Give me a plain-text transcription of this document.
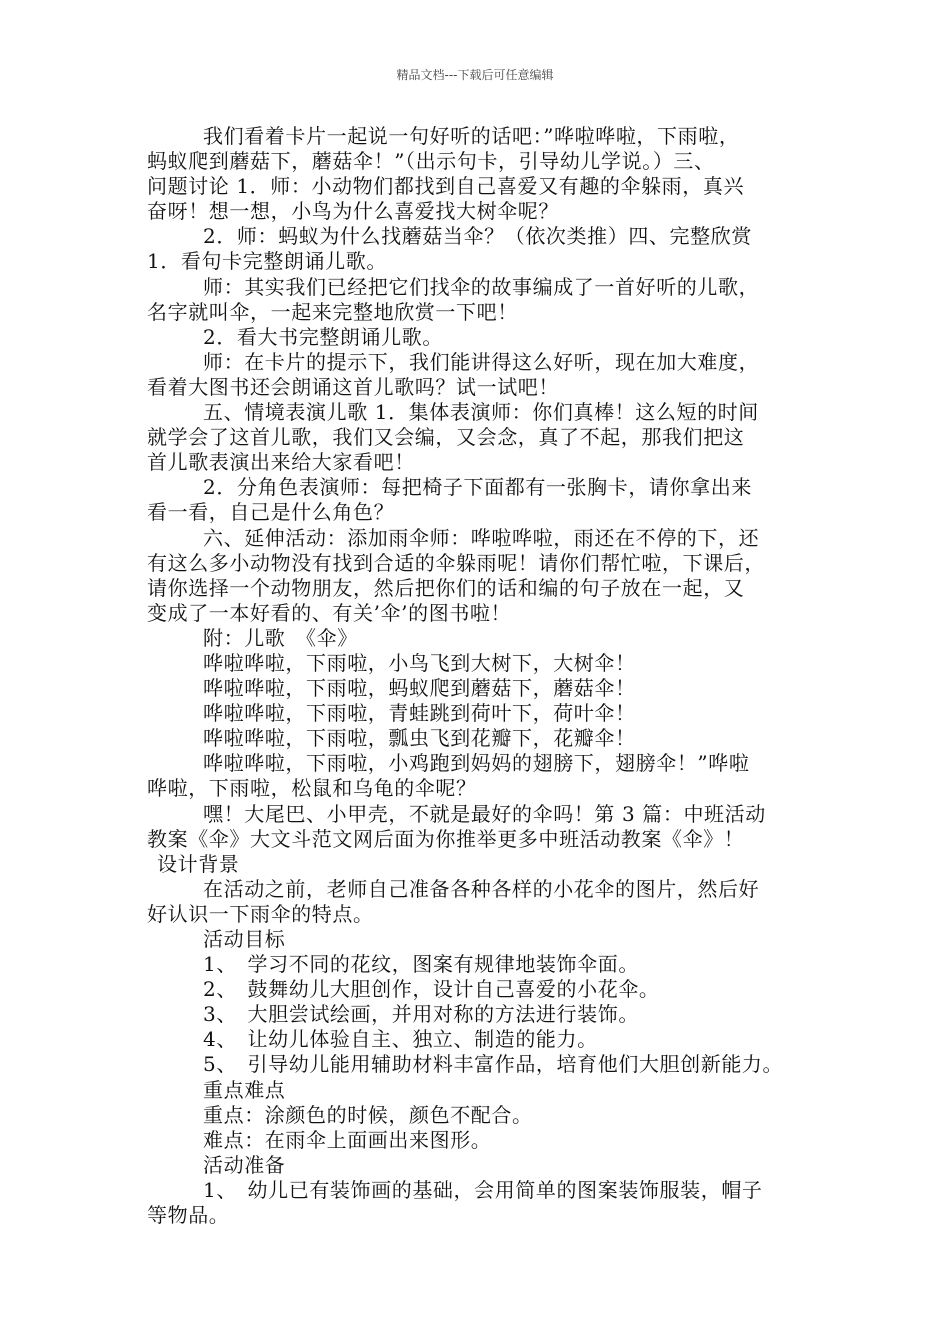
精品文档---下载后可任意编辑
我们看着卡片一起说一句好听的话吧：”哗啦哗啦，下雨啦，
蚂蚁爬到蘑菇下，蘑菇伞！”（出示句卡，引导幼儿学说。）三、
问题讨论 1．师：小动物们都找到自己喜爱又有趣的伞躲雨，真兴
奋呀！想一想，小鸟为什么喜爱找大树伞呢？
2．师：蚂蚁为什么找蘑菇当伞？（依次类推）四、完整欣赏
1．看句卡完整朗诵儿歌。
师：其实我们已经把它们找伞的故事编成了一首好听的儿歌，
名字就叫伞，一起来完整地欣赏一下吧！
2．看大书完整朗诵儿歌。
师：在卡片的提示下，我们能讲得这么好听，现在加大难度，
看着大图书还会朗诵这首儿歌吗？试一试吧！
五、情境表演儿歌 1．集体表演师：你们真棒！这么短的时间
就学会了这首儿歌，我们又会编，又会念，真了不起，那我们把这
首儿歌表演出来给大家看吧！
2．分角色表演师：每把椅子下面都有一张胸卡，请你拿出来
看一看，自己是什么角色？
六、延伸活动：添加雨伞师：哗啦哗啦，雨还在不停的下，还
有这么多小动物没有找到合适的伞躲雨呢！请你们帮忙啦，下课后，
请你选择一个动物朋友，然后把你们的话和编的句子放在一起，又
变成了一本好看的、有关’伞’的图书啦！
附：儿歌　《伞》
哗啦哗啦，下雨啦，小鸟飞到大树下，大树伞！
哗啦哗啦，下雨啦，蚂蚁爬到蘑菇下，蘑菇伞！
哗啦哗啦，下雨啦，青蛙跳到荷叶下，荷叶伞！
哗啦哗啦，下雨啦，瓢虫飞到花瓣下，花瓣伞！
哗啦哗啦，下雨啦，小鸡跑到妈妈的翅膀下，翅膀伞！”哗啦
哗啦，下雨啦，松鼠和乌龟的伞呢？
嘿！大尾巴、小甲壳，不就是最好的伞吗！第 3 篇：中班活动
教案《伞》大文斗范文网后面为你推举更多中班活动教案《伞》！
设计背景
在活动之前，老师自己准备各种各样的小花伞的图片，然后好
好认识一下雨伞的特点。
活动目标
1、　学习不同的花纹，图案有规律地装饰伞面。
2、　鼓舞幼儿大胆创作，设计自己喜爱的小花伞。
3、　大胆尝试绘画，并用对称的方法进行装饰。
4、　让幼儿体验自主、独立、制造的能力。
5、　引导幼儿能用辅助材料丰富作品，培育他们大胆创新能力。
重点难点
重点：涂颜色的时候，颜色不配合。
难点：在雨伞上面画出来图形。
活动准备
1、　幼儿已有装饰画的基础，会用简单的图案装饰服装，帽子
等物品。
